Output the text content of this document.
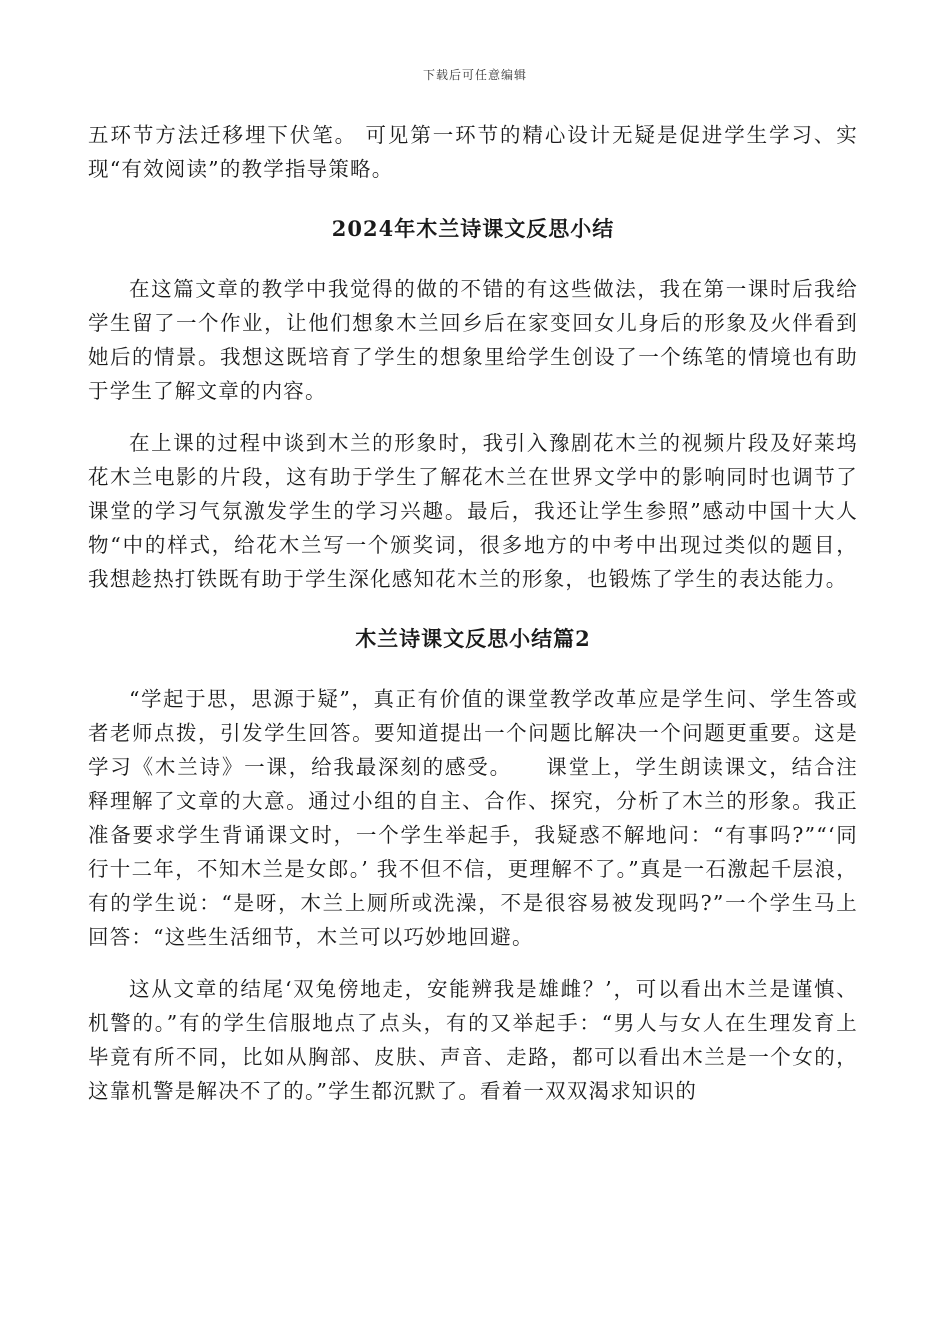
下载后可任意编辑

五环节方法迁移埋下伏笔。 可见第一环节的精心设计无疑是促进学生学习、实现“有效阅读”的教学指导策略。

2024年木兰诗课文反思小结

在这篇文章的教学中我觉得的做的不错的有这些做法，我在第一课时后我给学生留了一个作业，让他们想象木兰回乡后在家变回女儿身后的形象及火伴看到她后的情景。我想这既培育了学生的想象里给学生创设了一个练笔的情境也有助于学生了解文章的内容。

在上课的过程中谈到木兰的形象时，我引入豫剧花木兰的视频片段及好莱坞花木兰电影的片段，这有助于学生了解花木兰在世界文学中的影响同时也调节了课堂的学习气氛激发学生的学习兴趣。最后，我还让学生参照”感动中国十大人物“中的样式，给花木兰写一个颁奖词，很多地方的中考中出现过类似的题目，我想趁热打铁既有助于学生深化感知花木兰的形象，也锻炼了学生的表达能力。

木兰诗课文反思小结篇2

“学起于思，思源于疑”，真正有价值的课堂教学改革应是学生问、学生答或者老师点拨，引发学生回答。要知道提出一个问题比解决一个问题更重要。这是学习《木兰诗》一课，给我最深刻的感受。　　课堂上，学生朗读课文，结合注释理解了文章的大意。通过小组的自主、合作、探究，分析了木兰的形象。我正准备要求学生背诵课文时，一个学生举起手，我疑惑不解地问：“有事吗?”“‘同行十二年，不知木兰是女郎。’ 我不但不信，更理解不了。”真是一石激起千层浪，有的学生说：“是呀，木兰上厕所或洗澡，不是很容易被发现吗?”一个学生马上回答：“这些生活细节，木兰可以巧妙地回避。

这从文章的结尾‘双兔傍地走，安能辨我是雄雌？’，可以看出木兰是谨慎、机警的。”有的学生信服地点了点头，有的又举起手：“男人与女人在生理发育上毕竟有所不同，比如从胸部、皮肤、声音、走路，都可以看出木兰是一个女的，这靠机警是解决不了的。”学生都沉默了。看着一双双渴求知识的
